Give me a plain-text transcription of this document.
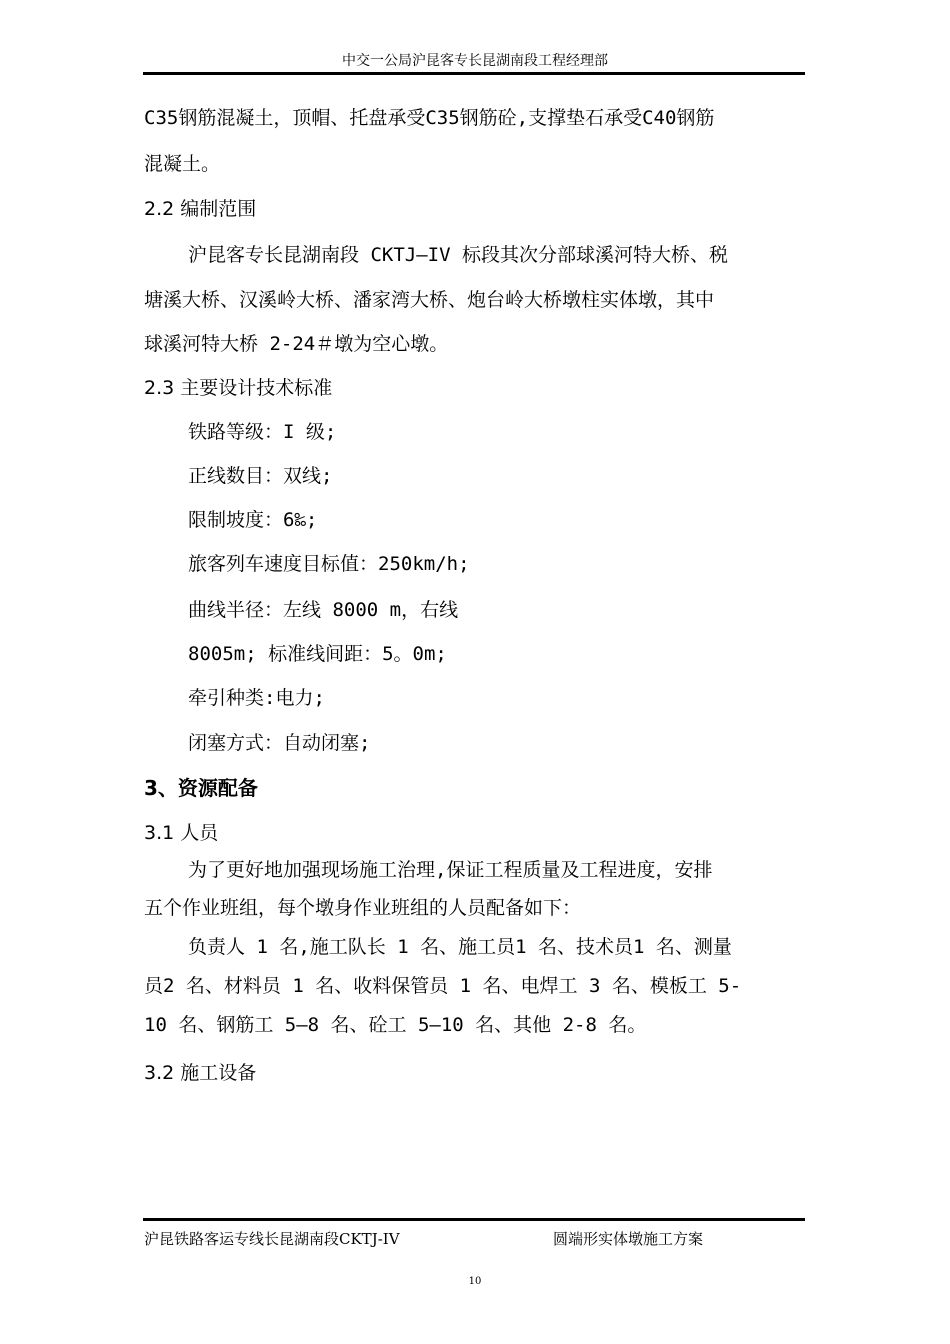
中交一公局沪昆客专长昆湖南段工程经理部
C35钢筋混凝土，顶帽、托盘承受C35钢筋砼,支撑垫石承受C40钢筋
混凝土。
2.2 编制范围
沪昆客专长昆湖南段 CKTJ—IV 标段其次分部球溪河特大桥、税
塘溪大桥、汉溪岭大桥、潘家湾大桥、炮台岭大桥墩柱实体墩，其中
球溪河特大桥 2-24＃墩为空心墩。
2.3 主要设计技术标准
铁路等级：I 级;
正线数目：双线;
限制坡度：6‰;
旅客列车速度目标值：250km/h;
曲线半径：左线 8000 m，右线
8005m; 标准线间距：5。0m;
牵引种类:电力;
闭塞方式：自动闭塞;
3、资源配备
3.1 人员
为了更好地加强现场施工治理,保证工程质量及工程进度，安排
五个作业班组，每个墩身作业班组的人员配备如下：
负责人 1 名,施工队长 1 名、施工员1 名、技术员1 名、测量
员2 名、材料员 1 名、收料保管员 1 名、电焊工 3 名、模板工 5-
10 名、钢筋工 5—8 名、砼工 5—10 名、其他 2-8 名。
3.2 施工设备
沪昆铁路客运专线长昆湖南段CKTJ-IV	圆端形实体墩施工方案
10
